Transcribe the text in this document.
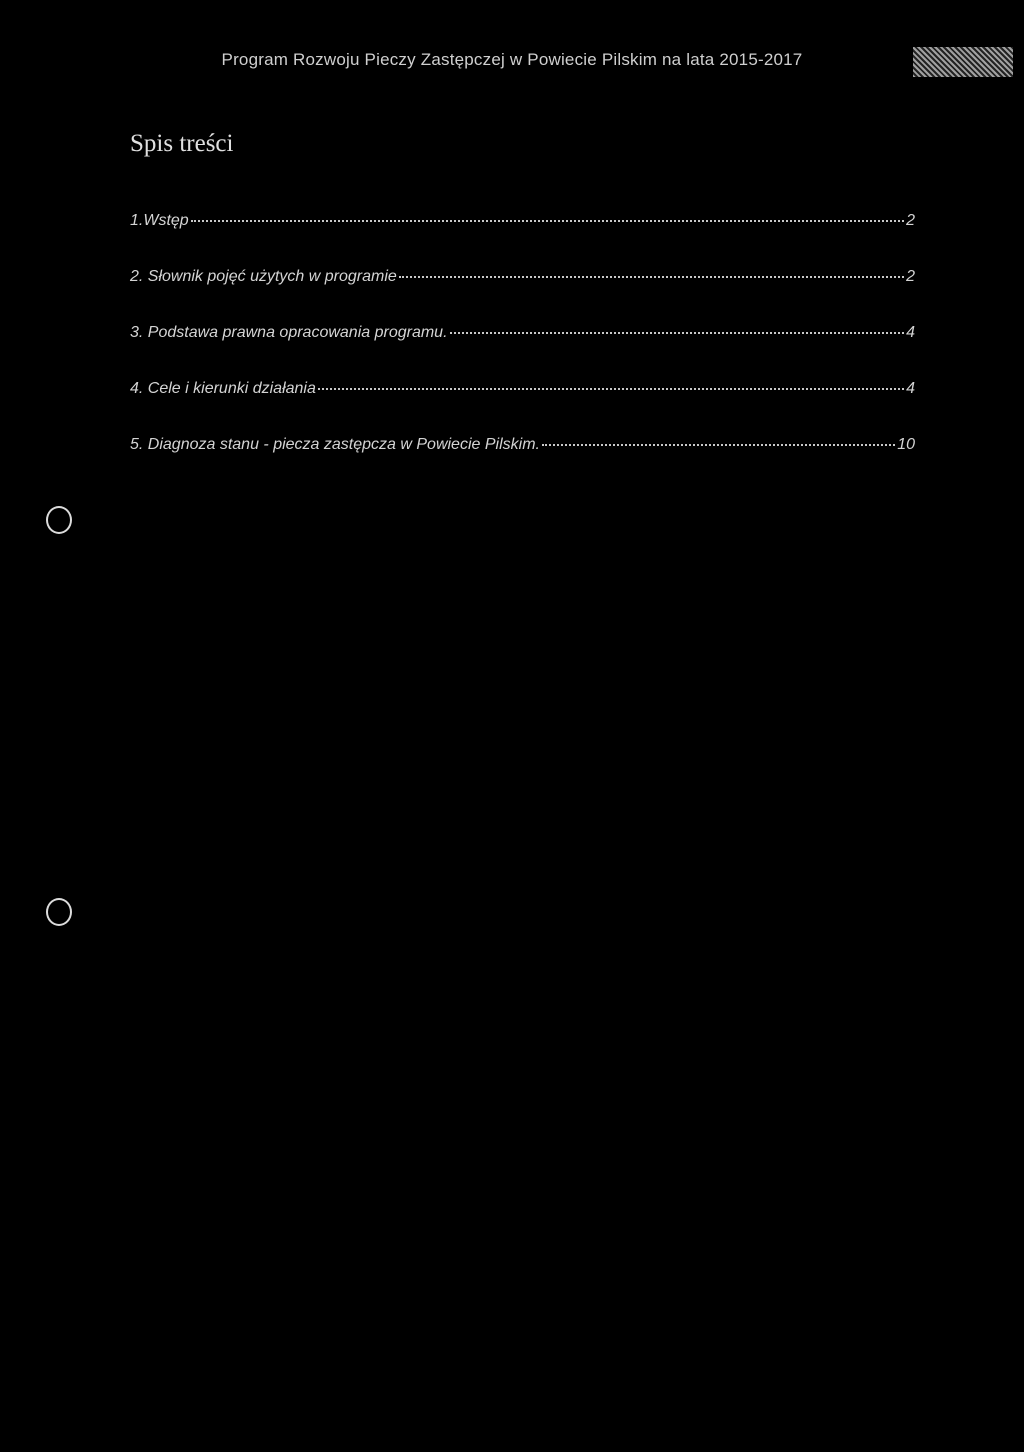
Program Rozwoju Pieczy Zastępczej w Powiecie Pilskim na lata 2015-2017
Spis treści
1.Wstęp	2
2. Słownik pojęć użytych w programie	2
3. Podstawa prawna opracowania programu.	4
4. Cele i kierunki działania	4
5. Diagnoza stanu - piecza zastępcza w Powiecie Pilskim.	10
